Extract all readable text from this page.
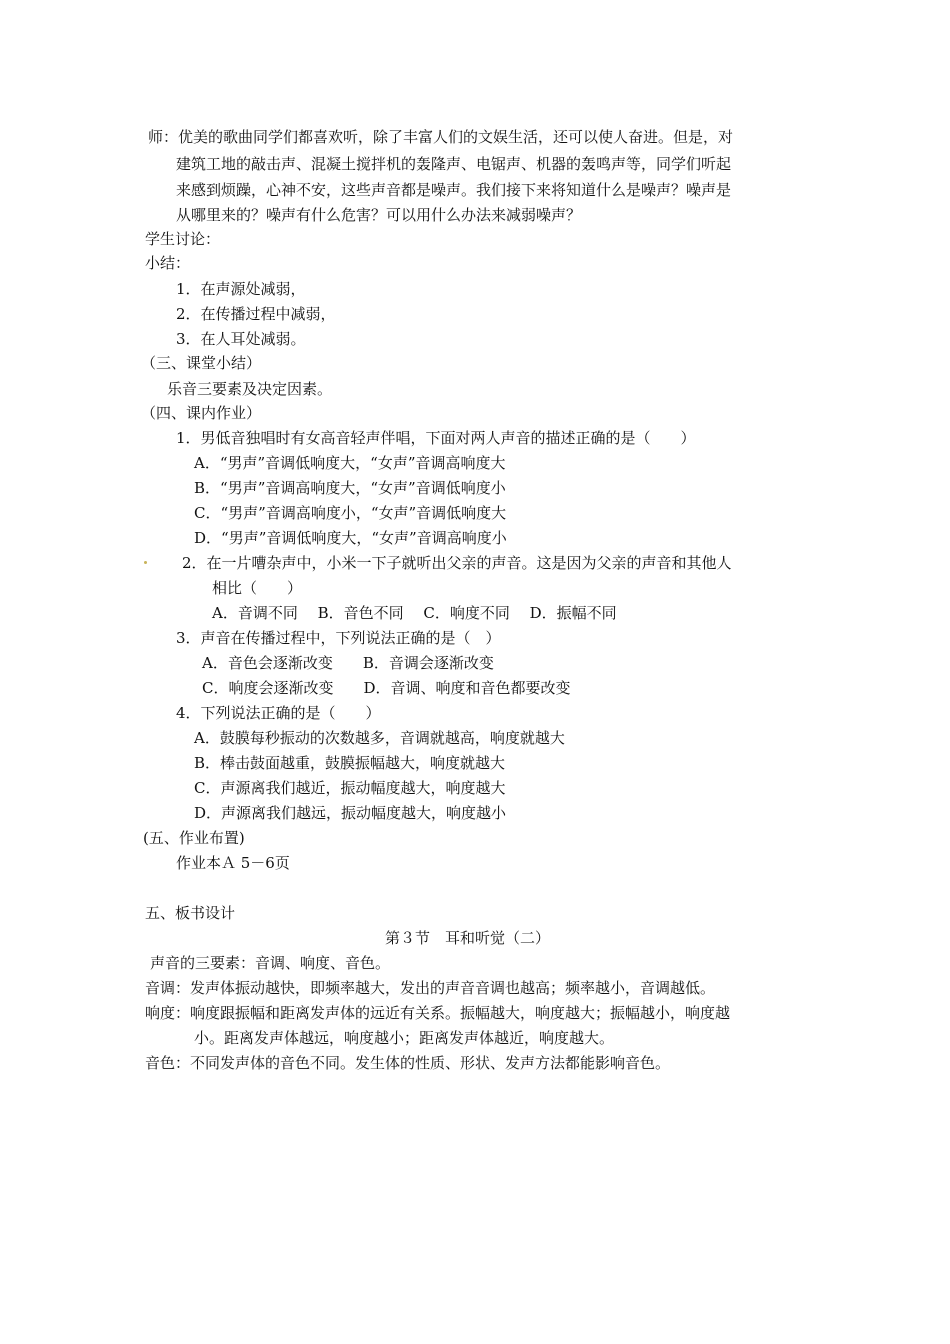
师：优美的歌曲同学们都喜欢听，除了丰富人们的文娱生活，还可以使人奋进。但是，对
建筑工地的敲击声、混凝土搅拌机的轰隆声、电锯声、机器的轰鸣声等，同学们听起
来感到烦躁，心神不安，这些声音都是噪声。我们接下来将知道什么是噪声？噪声是
从哪里来的？噪声有什么危害？可以用什么办法来减弱噪声？
学生讨论：
小结：
1．在声源处减弱，
2．在传播过程中减弱，
3．在人耳处减弱。
（三、课堂小结）
乐音三要素及决定因素。
（四、课内作业）
1．男低音独唱时有女高音轻声伴唱，下面对两人声音的描述正确的是（　　）
A．“男声”音调低响度大，“女声”音调高响度大
B．“男声”音调高响度大，“女声”音调低响度小
C．“男声”音调高响度小，“女声”音调低响度大
D．“男声”音调低响度大，“女声”音调高响度小
2．在一片嘈杂声中，小米一下子就听出父亲的声音。这是因为父亲的声音和其他人
相比（　　）
A．音调不同　 B．音色不同　 C．响度不同　 D．振幅不同
3．声音在传播过程中，下列说法正确的是（　）
A．音色会逐渐改变　　B．音调会逐渐改变
C．响度会逐渐改变　　D．音调、响度和音色都要改变
4．下列说法正确的是（　　）
A．鼓膜每秒振动的次数越多，音调就越高，响度就越大
B．棒击鼓面越重，鼓膜振幅越大，响度就越大
C．声源离我们越近，振动幅度越大，响度越大
D．声源离我们越远，振动幅度越大，响度越小
(五、作业布置)
作业本Ａ 5－6页
五、板书设计
第３节　耳和听觉（二）
声音的三要素：音调、响度、音色。
音调：发声体振动越快，即频率越大，发出的声音音调也越高；频率越小，音调越低。
响度：响度跟振幅和距离发声体的远近有关系。振幅越大，响度越大；振幅越小，响度越
小。距离发声体越远，响度越小；距离发声体越近，响度越大。
音色：不同发声体的音色不同。发生体的性质、形状、发声方法都能影响音色。
